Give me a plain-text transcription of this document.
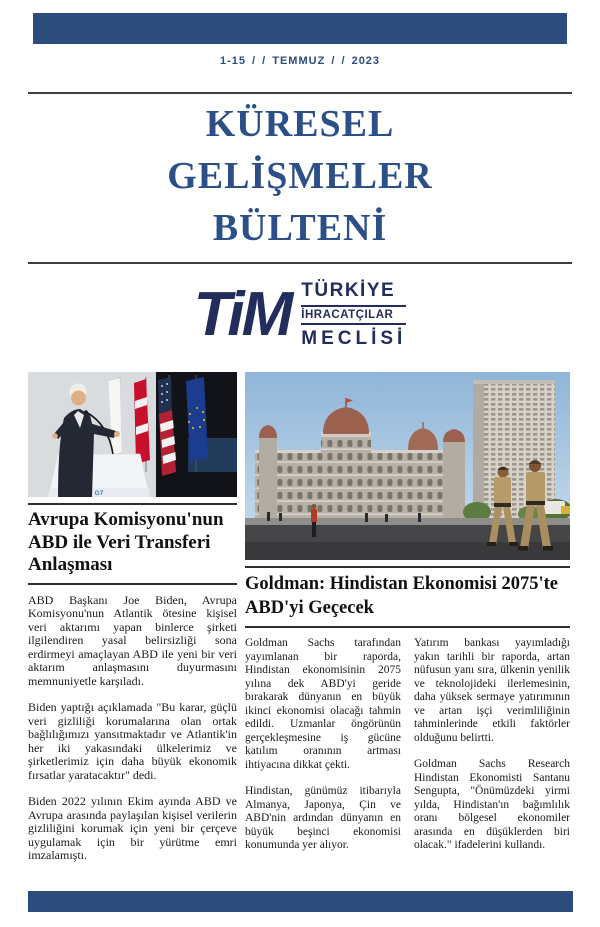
1-15 / / TEMMUZ / / 2023
KÜRESEL
GELİŞMELER
BÜLTENİ
TiM TÜRKİYE
İHRACATÇILAR
MECLİSİ
G7
Avrupa Komisyonu'nun ABD ile Veri Transferi Anlaşması

ABD Başkanı Joe Biden, Avrupa Komisyonu'nun Atlantik ötesine kişisel veri aktarımı yapan binlerce şirketi ilgilendiren yasal belirsizliği sona erdirmeyi amaçlayan ABD ile yeni bir veri aktarım anlaşmasını duyurmasını memnuniyetle karşıladı.

Biden yaptığı açıklamada "Bu karar, güçlü veri gizliliği korumalarına olan ortak bağlılığımızı yansıtmaktadır ve Atlantik'in her iki yakasındaki ülkelerimiz ve şirketlerimiz için daha büyük ekonomik fırsatlar yaratacaktır" dedi.

Biden 2022 yılının Ekim ayında ABD ve Avrupa arasında paylaşılan kişisel verilerin gizliliğini korumak için yeni bir çerçeve uygulamak için bir yürütme emri imzalamıştı.

Goldman: Hindistan Ekonomisi 2075'te ABD'yi Geçecek

Goldman Sachs tarafından yayımlanan bir raporda, Hindistan ekonomisinin 2075 yılına dek ABD'yi geride bırakarak dünyanın en büyük ikinci ekonomisi olacağı tahmin edildi. Uzmanlar öngörünün gerçekleşmesine iş gücüne katılım oranının artması ihtiyacına dikkat çekti.

Hindistan, günümüz itibarıyla Almanya, Japonya, Çin ve ABD'nin ardından dünyanın en büyük beşinci ekonomisi konumunda yer alıyor.

Yatırım bankası yayımladığı yakın tarihli bir raporda, artan nüfusun yanı sıra, ülkenin yenilik ve teknolojideki ilerlemesinin, daha yüksek sermaye yatırımının ve artan işçi verimliliğinin tahminlerinde etkili faktörler olduğunu belirtti.

Goldman Sachs Research Hindistan Ekonomisti Santanu Sengupta, "Önümüzdeki yirmi yılda, Hindistan'ın bağımlılık oranı bölgesel ekonomiler arasında en düşüklerden biri olacak." ifadelerini kullandı.
